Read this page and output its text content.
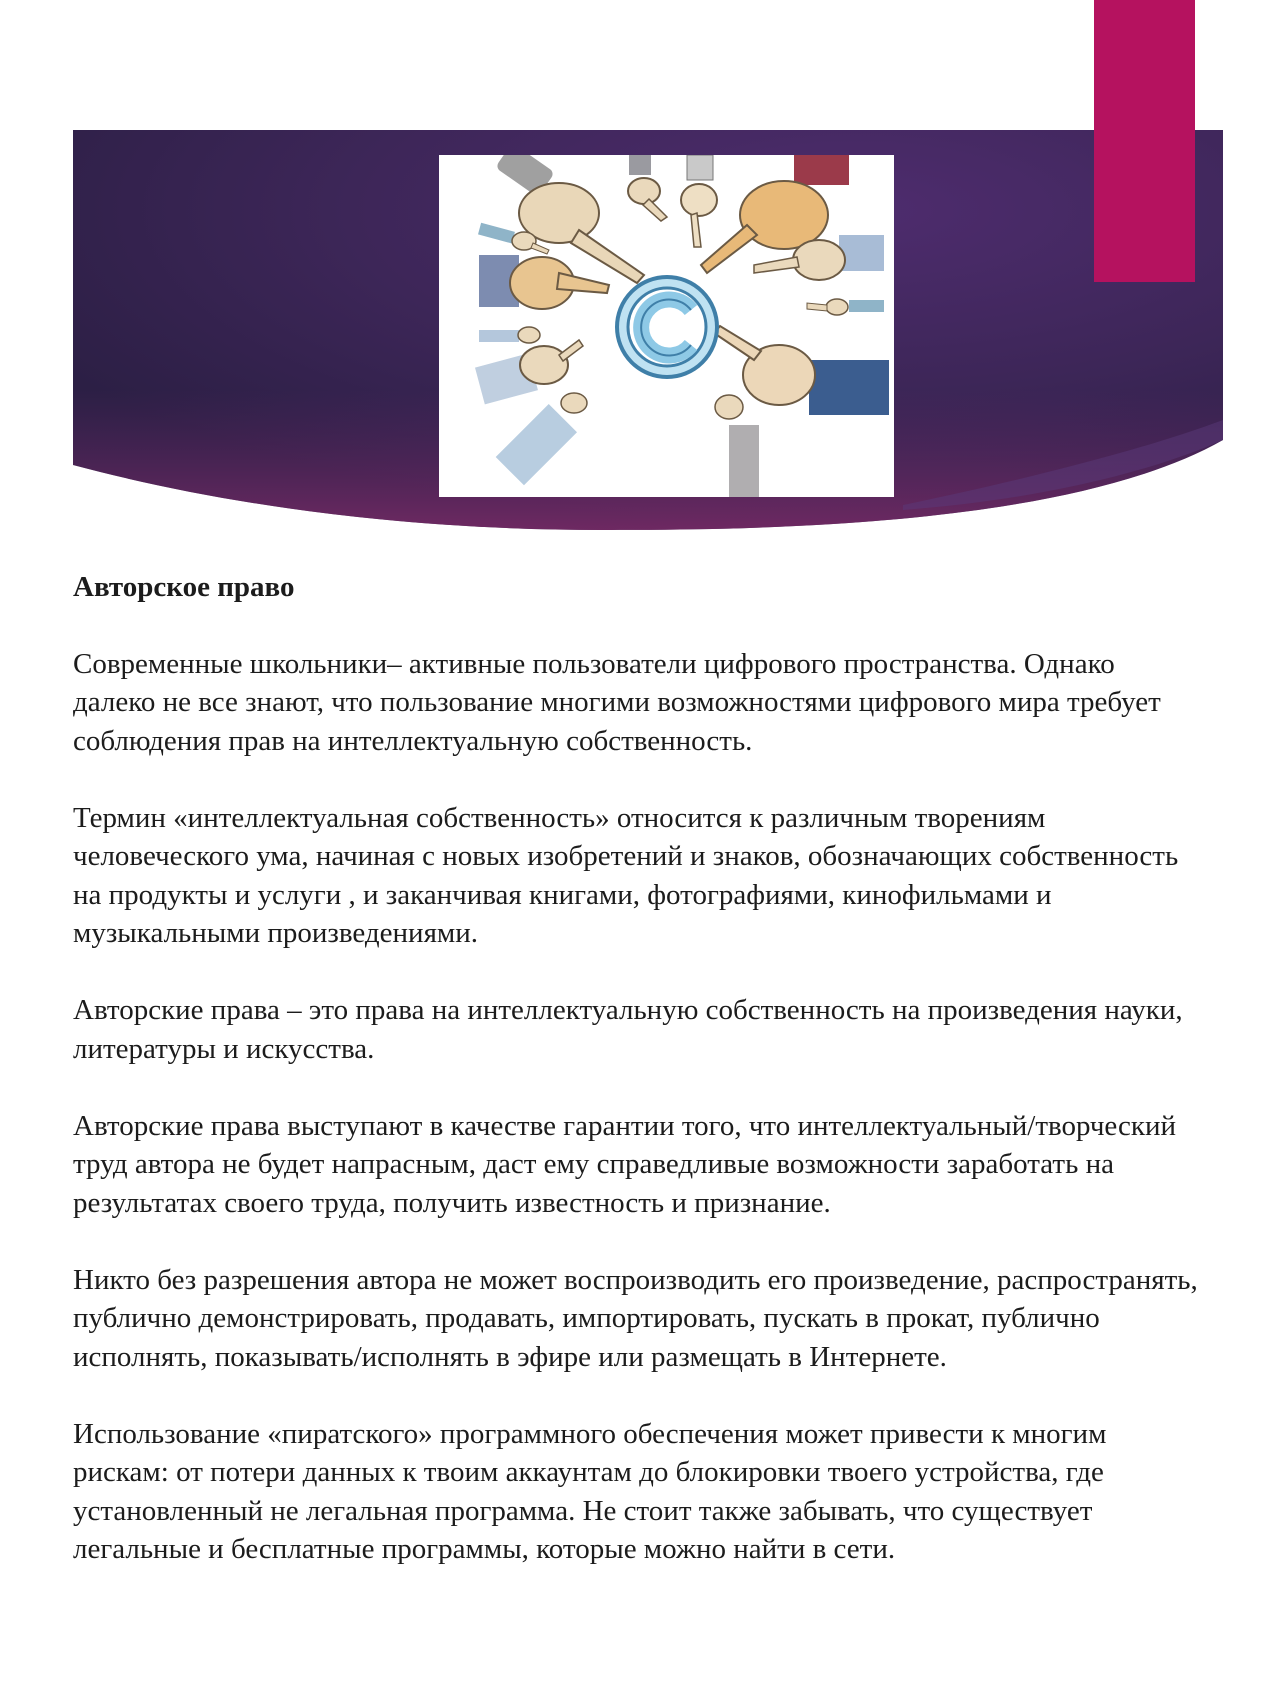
Авторское право
Современные школьники– активные пользователи цифрового пространства. Однако далеко не все знают, что пользование многими возможностями цифрового мира требует соблюдения прав на интеллектуальную собственность.
Термин «интеллектуальная собственность» относится к различным творениям человеческого ума, начиная с новых изобретений и знаков, обозначающих собственность на продукты и услуги , и заканчивая книгами, фотографиями, кинофильмами и музыкальными произведениями.
Авторские права – это права на интеллектуальную собственность на произведения науки, литературы и искусства.
Авторские права выступают в качестве гарантии того, что интеллектуальный/творческий труд автора не будет напрасным, даст ему справедливые возможности заработать на результатах своего труда, получить известность и признание.
Никто без разрешения автора не может воспроизводить его произведение, распространять, публично демонстрировать, продавать, импортировать, пускать в прокат, публично исполнять, показывать/исполнять в эфире или размещать в Интернете.
Использование «пиратского» программного обеспечения может привести к многим рискам: от потери данных к твоим аккаунтам до блокировки твоего устройства, где установленный не легальная программа. Не стоит также забывать, что существует легальные и бесплатные программы, которые можно найти в сети.
